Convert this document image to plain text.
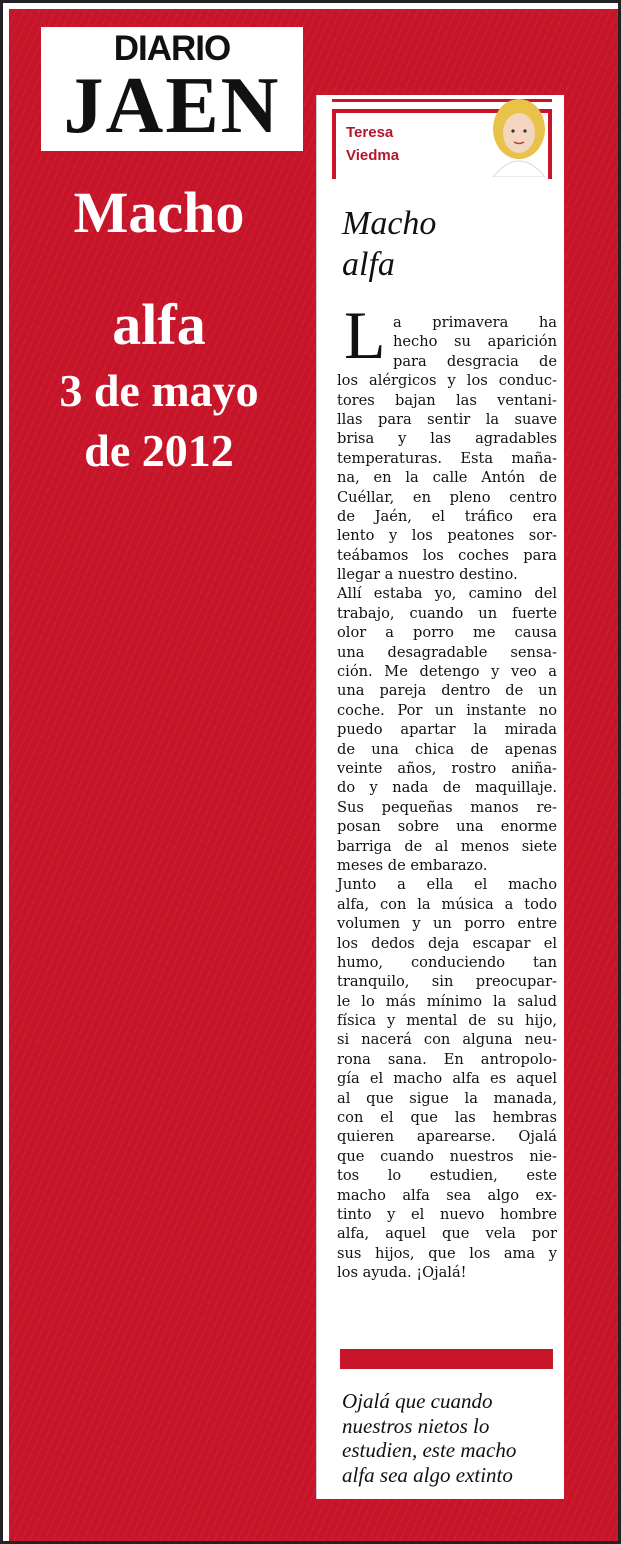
DIARIO
JAEN
Macho
alfa
3 de mayo
de 2012
Teresa
Viedma
Macho
alfa
L a primavera ha
hecho su aparición
para desgracia de
los alérgicos y los conduc-
tores bajan las ventani-
llas para sentir la suave
brisa y las agradables
temperaturas. Esta maña-
na, en la calle Antón de
Cuéllar, en pleno centro
de Jaén, el tráfico era
lento y los peatones sor-
teábamos los coches para
llegar a nuestro destino.
Allí estaba yo, camino del
trabajo, cuando un fuerte
olor a porro me causa
una desagradable sensa-
ción. Me detengo y veo a
una pareja dentro de un
coche. Por un instante no
puedo apartar la mirada
de una chica de apenas
veinte años, rostro aniña-
do y nada de maquillaje.
Sus pequeñas manos re-
posan sobre una enorme
barriga de al menos siete
meses de embarazo.
Junto a ella el macho
alfa, con la música a todo
volumen y un porro entre
los dedos deja escapar el
humo, conduciendo tan
tranquilo, sin preocupar-
le lo más mínimo la salud
física y mental de su hijo,
si nacerá con alguna neu-
rona sana. En antropolo-
gía el macho alfa es aquel
al que sigue la manada,
con el que las hembras
quieren aparearse. Ojalá
que cuando nuestros nie-
tos lo estudien, este
macho alfa sea algo ex-
tinto y el nuevo hombre
alfa, aquel que vela por
sus hijos, que los ama y
los ayuda. ¡Ojalá!
Ojalá que cuando
nuestros nietos lo
estudien, este macho
alfa sea algo extinto
